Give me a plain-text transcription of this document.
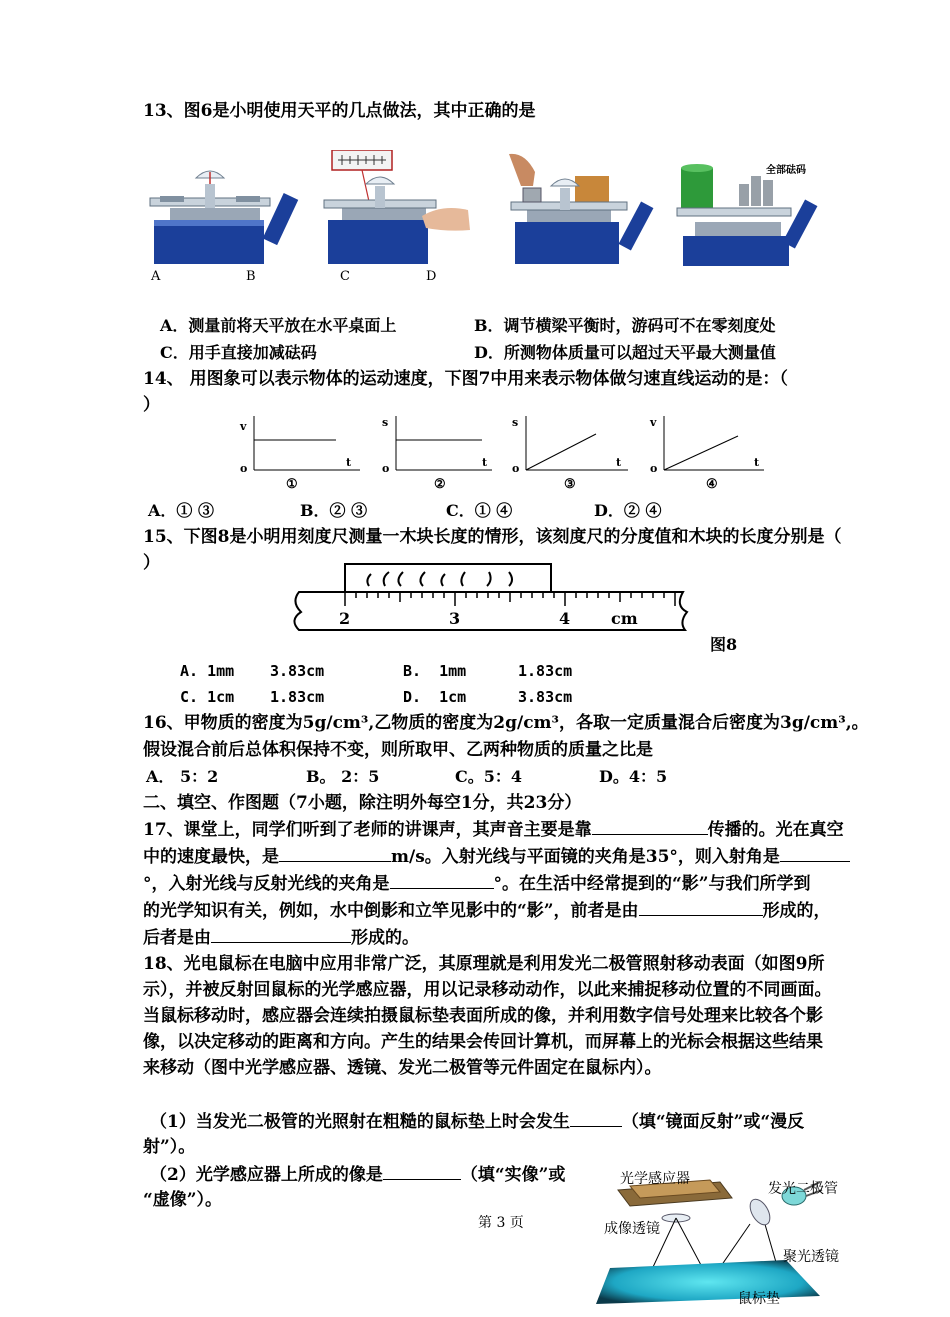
13、图6是小明使用天平的几点做法，其中正确的是
A	B	C	D
全部砝码
A．测量前将天平放在水平桌面上	B．调节横梁平衡时，游码可不在零刻度处
C．用手直接加减砝码	D．所测物体质量可以超过天平最大测量值
14、 用图象可以表示物体的运动速度，下图7中用来表示物体做匀速直线运动的是：（
）
v
o	t
①
s
o	t
②
s
o	t
③
v
o	t
④
A．① ③	B．② ③	C．① ④	D．② ④
15、下图8是小明用刻度尺测量一木块长度的情形，该刻度尺的分度值和木块的长度分别是（
）
2	3	4	cm
图8
A. 1mm 3.83cm	B. 1mm	1.83cm
C. 1cm 1.83cm	D. 1cm	3.83cm
16、甲物质的密度为5g/cm³,乙物质的密度为2g/cm³，各取一定质量混合后密度为3g/cm³,。
假设混合前后总体积保持不变，则所取甲、乙两种物质的质量之比是
A． 5：2	B。 2：5	C。5：4	D。4：5
二、填空、作图题（7小题，除注明外每空1分，共23分）
17、课堂上，同学们听到了老师的讲课声，其声音主要是靠	传播的。光在真空
中的速度最快，是	m/s。入射光线与平面镜的夹角是35°，则入射角是
°，入射光线与反射光线的夹角是	°。在生活中经常提到的“影”与我们所学到
的光学知识有关，例如，水中倒影和立竿见影中的“影”，前者是由	形成的，
后者是由	形成的。
18、光电鼠标在电脑中应用非常广泛，其原理就是利用发光二极管照射移动表面（如图9所
示），并被反射回鼠标的光学感应器，用以记录移动动作，以此来捕捉移动位置的不同画面。
当鼠标移动时，感应器会连续拍摄鼠标垫表面所成的像，并利用数字信号处理来比较各个影
像，以决定移动的距离和方向。产生的结果会传回计算机，而屏幕上的光标会根据这些结果
来移动（图中光学感应器、透镜、发光二极管等元件固定在鼠标内）。
（1）当发光二极管的光照射在粗糙的鼠标垫上时会发生	（填“镜面反射”或“漫反
射”）。
（2）光学感应器上所成的像是	（填“实像”或
“虚像”）。
光学感应器
发光二极管
成像透镜
聚光透镜
鼠标垫
第 3 页
